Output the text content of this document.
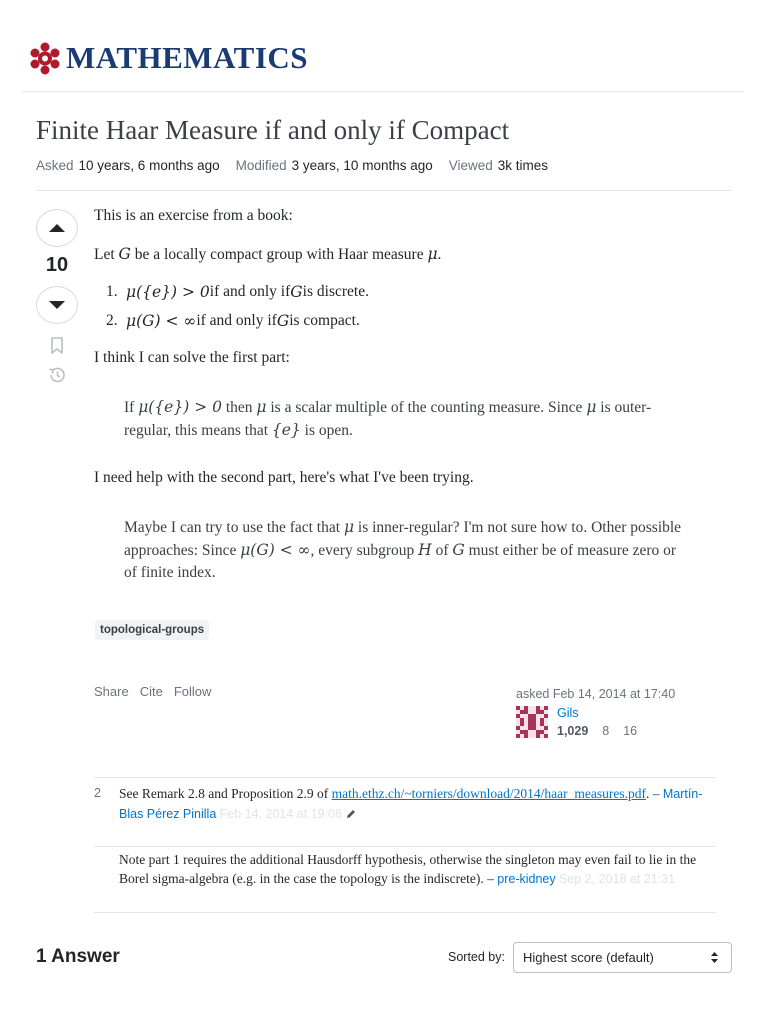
MATHEMATICS
Finite Haar Measure if and only if Compact
Asked 10 years, 6 months ago Modified 3 years, 10 months ago Viewed 3k times
10

This is an exercise from a book:

Let G be a locally compact group with Haar measure μ.

1. μ({e}) > 0 if and only if G is discrete.
2. μ(G) < ∞ if and only if G is compact.

I think I can solve the first part:

If μ({e}) > 0 then μ is a scalar multiple of the counting measure. Since μ is outer-regular, this means that {e} is open.

I need help with the second part, here's what I've been trying.

Maybe I can try to use the fact that μ is inner-regular? I'm not sure how to. Other possible approaches: Since μ(G) < ∞, every subgroup H of G must either be of measure zero or of finite index.
topological-groups
Share Cite Follow	asked Feb 14, 2014 at 17:40
Gils
1,029 8 16
2 See Remark 2.8 and Proposition 2.9 of math.ethz.ch/~torniers/download/2014/haar_measures.pdf. – Martín-Blas Pérez Pinilla Feb 14, 2014 at 19:06
Note part 1 requires the additional Hausdorff hypothesis, otherwise the singleton may even fail to lie in the Borel sigma-algebra (e.g. in the case the topology is the indiscrete). – pre-kidney Sep 2, 2018 at 21:31
1 Answer	Sorted by:	Highest score (default)
